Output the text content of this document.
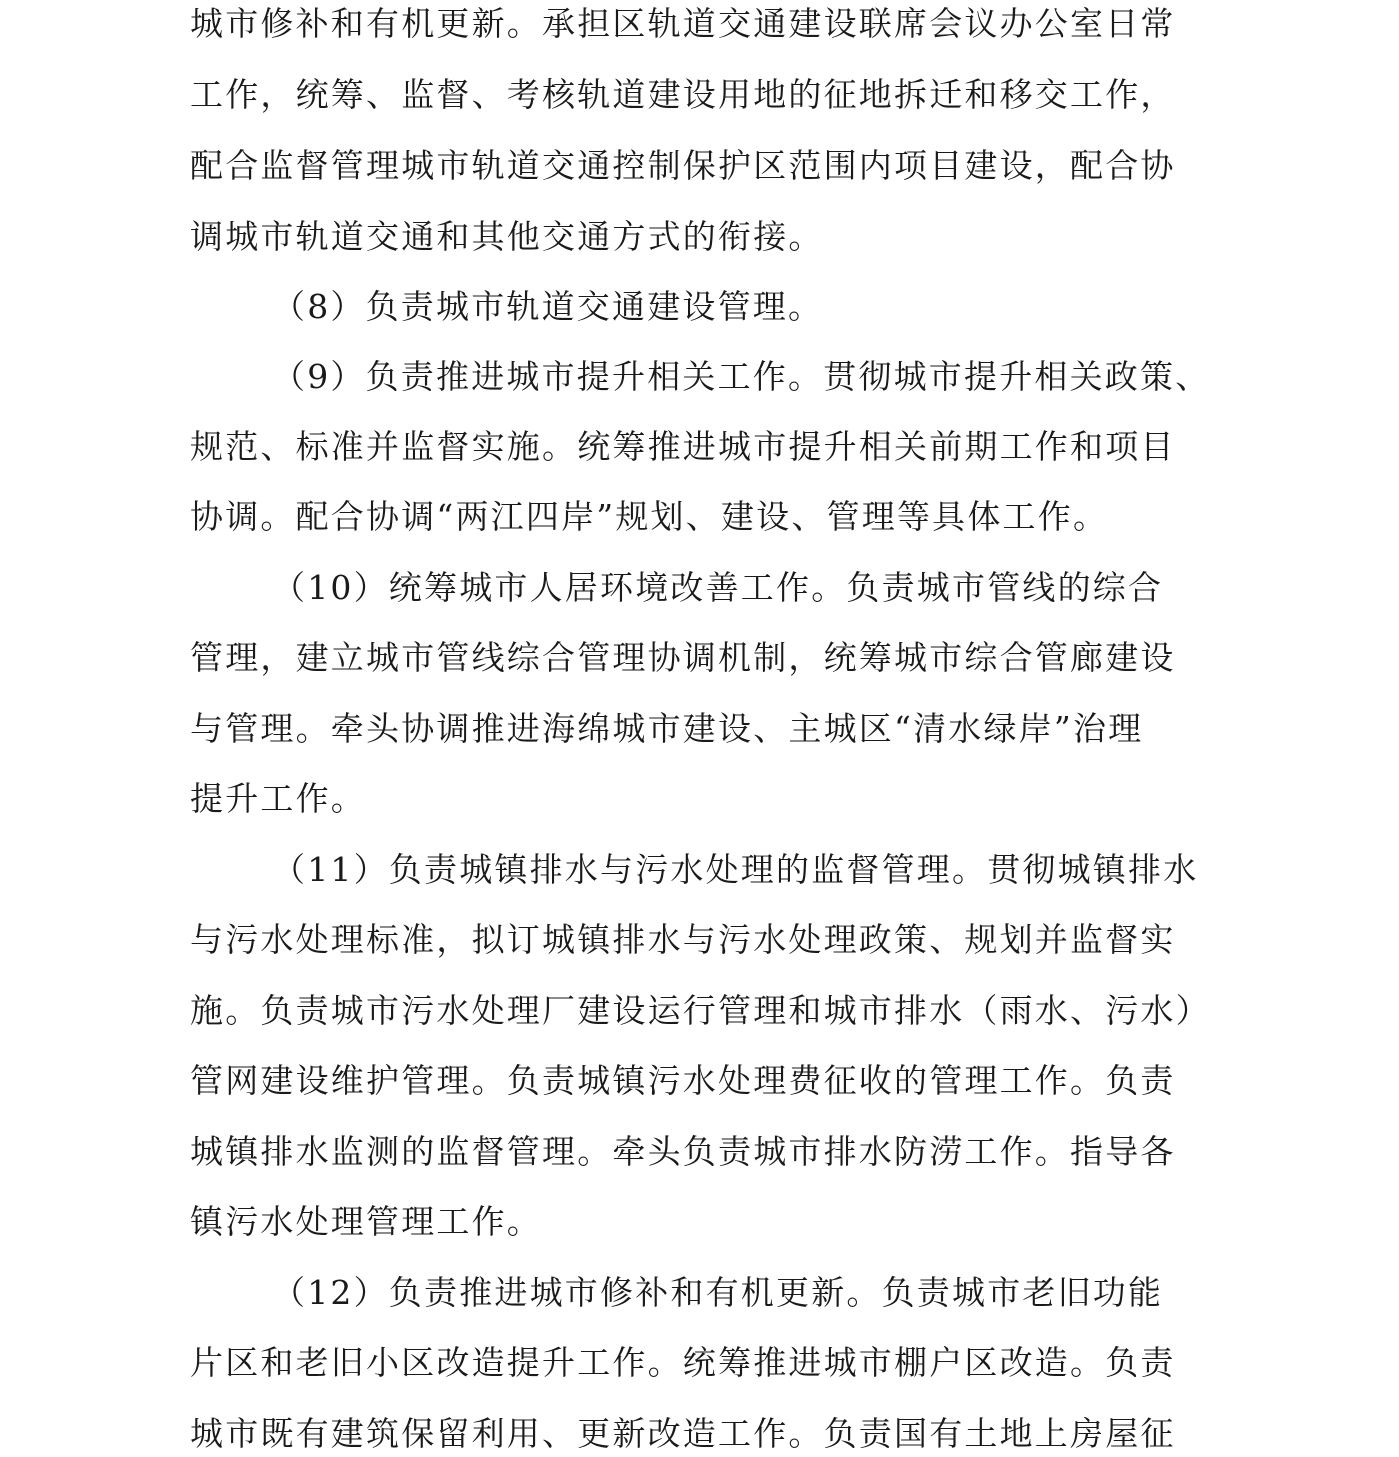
城市修补和有机更新。承担区轨道交通建设联席会议办公室日常
工作，统筹、监督、考核轨道建设用地的征地拆迁和移交工作，
配合监督管理城市轨道交通控制保护区范围内项目建设，配合协
调城市轨道交通和其他交通方式的衔接。
（8）负责城市轨道交通建设管理。
（9）负责推进城市提升相关工作。贯彻城市提升相关政策、
规范、标准并监督实施。统筹推进城市提升相关前期工作和项目
协调。配合协调“两江四岸”规划、建设、管理等具体工作。
（10）统筹城市人居环境改善工作。负责城市管线的综合
管理，建立城市管线综合管理协调机制，统筹城市综合管廊建设
与管理。牵头协调推进海绵城市建设、主城区“清水绿岸”治理
提升工作。
（11）负责城镇排水与污水处理的监督管理。贯彻城镇排水
与污水处理标准，拟订城镇排水与污水处理政策、规划并监督实
施。负责城市污水处理厂建设运行管理和城市排水（雨水、污水）
管网建设维护管理。负责城镇污水处理费征收的管理工作。负责
城镇排水监测的监督管理。牵头负责城市排水防涝工作。指导各
镇污水处理管理工作。
（12）负责推进城市修补和有机更新。负责城市老旧功能
片区和老旧小区改造提升工作。统筹推进城市棚户区改造。负责
城市既有建筑保留利用、更新改造工作。负责国有土地上房屋征
